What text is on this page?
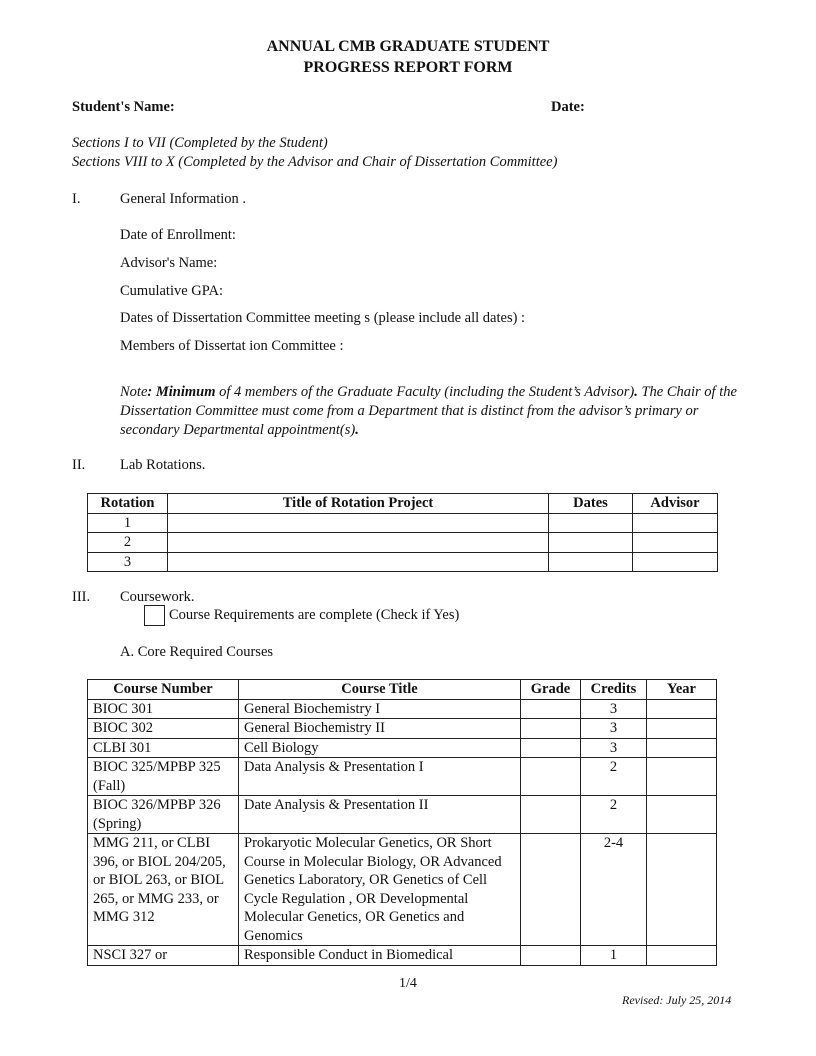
ANNUAL CMB GRADUATE STUDENT
PROGRESS REPORT FORM
Student's Name:	Date:
Sections I to VII (Completed by the Student)
Sections VIII to X (Completed by the Advisor and Chair of Dissertation Committee)
I.	General Information .
Date of Enrollment:
Advisor's Name:
Cumulative GPA:
Dates of Dissertation Committee meeting s (please include all dates) :
Members of Dissertat ion Committee :
Note: Minimum of 4 members of the Graduate Faculty (including the Student’s Advisor). The Chair of the Dissertation Committee must come from a Department that is distinct from the advisor’s primary or secondary Departmental appointment(s).
II. Lab Rotations.
Rotation	Title of Rotation Project	Dates	Advisor
1			
2			
3			
III. Coursework.
Course Requirements are complete (Check if Yes)
A. Core Required Courses
Course Number	Course Title	Grade	Credits	Year
BIOC 301	General Biochemistry I		3	
BIOC 302	General Biochemistry II		3	
CLBI 301	Cell Biology		3	
BIOC 325/MPBP 325 (Fall)	Data Analysis & Presentation I		2	
BIOC 326/MPBP 326 (Spring)	Date Analysis & Presentation II		2	
MMG 211, or CLBI 396, or BIOL 204/205, or BIOL 263, or BIOL 265, or MMG 233, or MMG 312	Prokaryotic Molecular Genetics, OR Short Course in Molecular Biology, OR Advanced Genetics Laboratory, OR Genetics of Cell Cycle Regulation , OR Developmental Molecular Genetics, OR Genetics and Genomics		2-4	
NSCI 327 or	Responsible Conduct in Biomedical		1	
1/4
Revised: July 25, 2014
